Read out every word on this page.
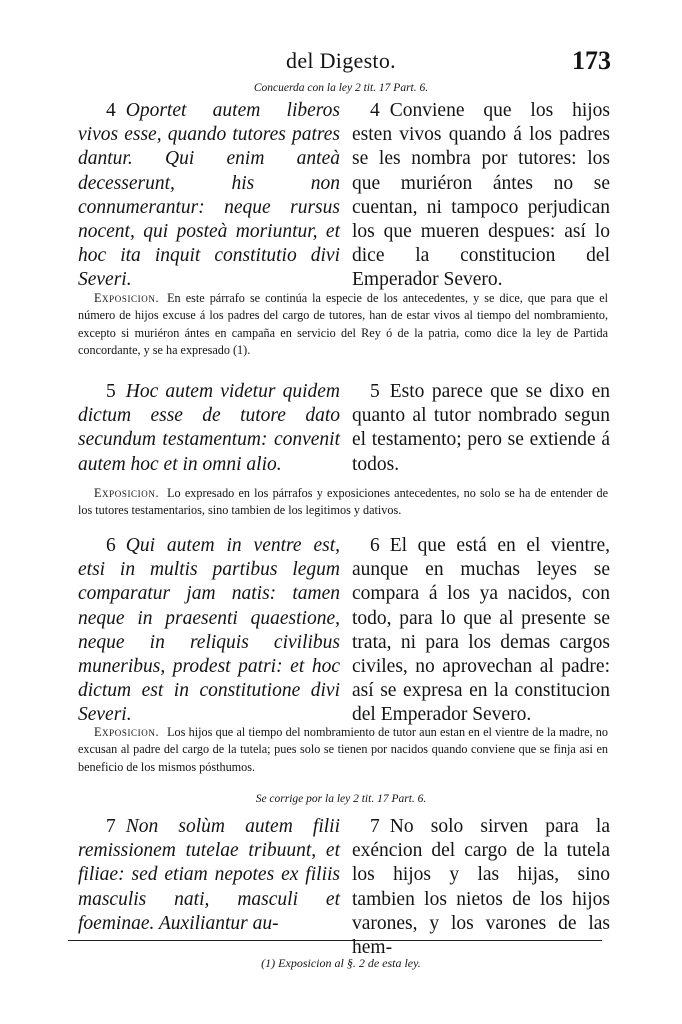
del Digesto.	173
Concuerda con la ley 2 tit. 17 Part. 6.

4 Oportet autem liberos vivos esse, quando tutores patres dantur. Qui enim anteà decesserunt, his non connumerantur: neque rursus nocent, qui posteà moriuntur, et hoc ita inquit constitutio divi Severi.

4 Conviene que los hijos esten vivos quando á los padres se les nombra por tutores: los que muriéron ántes no se cuentan, ni tampoco perjudican los que mueren despues: así lo dice la constitucion del Emperador Severo.

Exposicion. En este párrafo se continúa la especie de los antecedentes, y se dice, que para que el número de hijos excuse á los padres del cargo de tutores, han de estar vivos al tiempo del nombramiento, excepto si muriéron ántes en campaña en servicio del Rey ó de la patria, como dice la ley de Partida concordante, y se ha expresado (1).

5 Hoc autem videtur quidem dictum esse de tutore dato secundum testamentum: convenit autem hoc et in omni alio.

5 Esto parece que se dixo en quanto al tutor nombrado segun el testamento; pero se extiende á todos.

Exposicion. Lo expresado en los párrafos y exposiciones antecedentes, no solo se ha de entender de los tutores testamentarios, sino tambien de los legitimos y dativos.

6 Qui autem in ventre est, etsi in multis partibus legum comparatur jam natis: tamen neque in praesenti quaestione, neque in reliquis civilibus muneribus, prodest patri: et hoc dictum est in constitutione divi Severi.

6 El que está en el vientre, aunque en muchas leyes se compara á los ya nacidos, con todo, para lo que al presente se trata, ni para los demas cargos civiles, no aprovechan al padre: así se expresa en la constitucion del Emperador Severo.

Exposicion. Los hijos que al tiempo del nombramiento de tutor aun estan en el vientre de la madre, no excusan al padre del cargo de la tutela; pues solo se tienen por nacidos quando conviene que se finja asi en beneficio de los mismos pósthumos.

Se corrige por la ley 2 tit. 17 Part. 6.

7 Non solùm autem filii remissionem tutelae tribuunt, et filiae: sed etiam nepotes ex filiis masculis nati, masculi et foeminae. Auxiliantur au-

7 No solo sirven para la exéncion del cargo de la tutela los hijos y las hijas, sino tambien los nietos de los hijos varones, y los varones de las hem-

(1) Exposicion al §. 2 de esta ley.
